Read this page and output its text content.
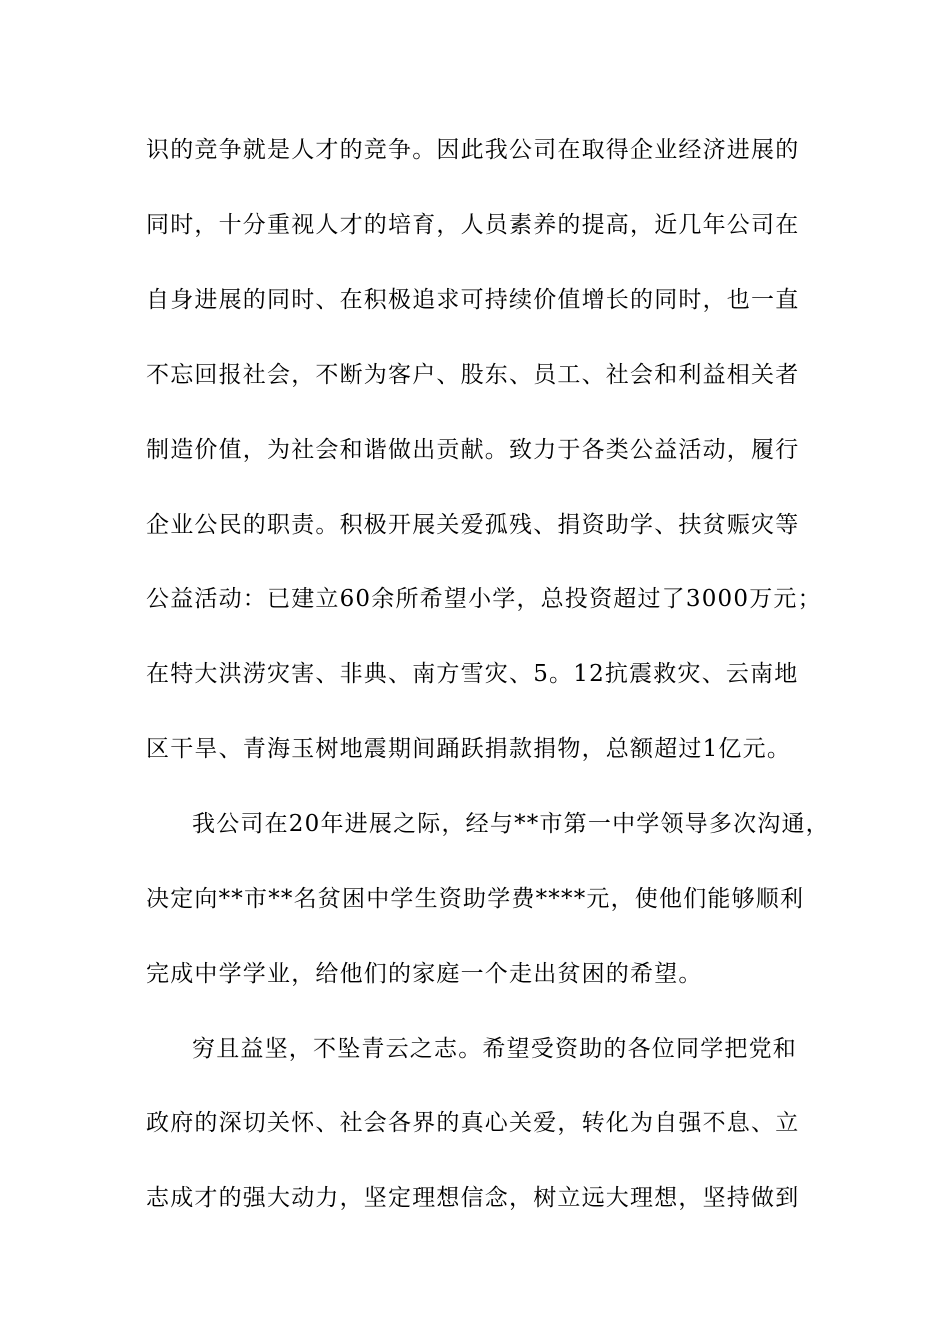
识的竞争就是人才的竞争。因此我公司在取得企业经济进展的
同时，十分重视人才的培育，人员素养的提高，近几年公司在
自身进展的同时、在积极追求可持续价值增长的同时，也一直
不忘回报社会，不断为客户、股东、员工、社会和利益相关者
制造价值，为社会和谐做出贡献。致力于各类公益活动，履行
企业公民的职责。积极开展关爱孤残、捐资助学、扶贫赈灾等
公益活动：已建立60余所希望小学，总投资超过了3000万元；
在特大洪涝灾害、非典、南方雪灾、5。12抗震救灾、云南地
区干旱、青海玉树地震期间踊跃捐款捐物，总额超过1亿元。
我公司在20年进展之际，经与**市第一中学领导多次沟通，
决定向**市**名贫困中学生资助学费****元，使他们能够顺利
完成中学学业，给他们的家庭一个走出贫困的希望。
穷且益坚，不坠青云之志。希望受资助的各位同学把党和
政府的深切关怀、社会各界的真心关爱，转化为自强不息、立
志成才的强大动力，坚定理想信念，树立远大理想，坚持做到
